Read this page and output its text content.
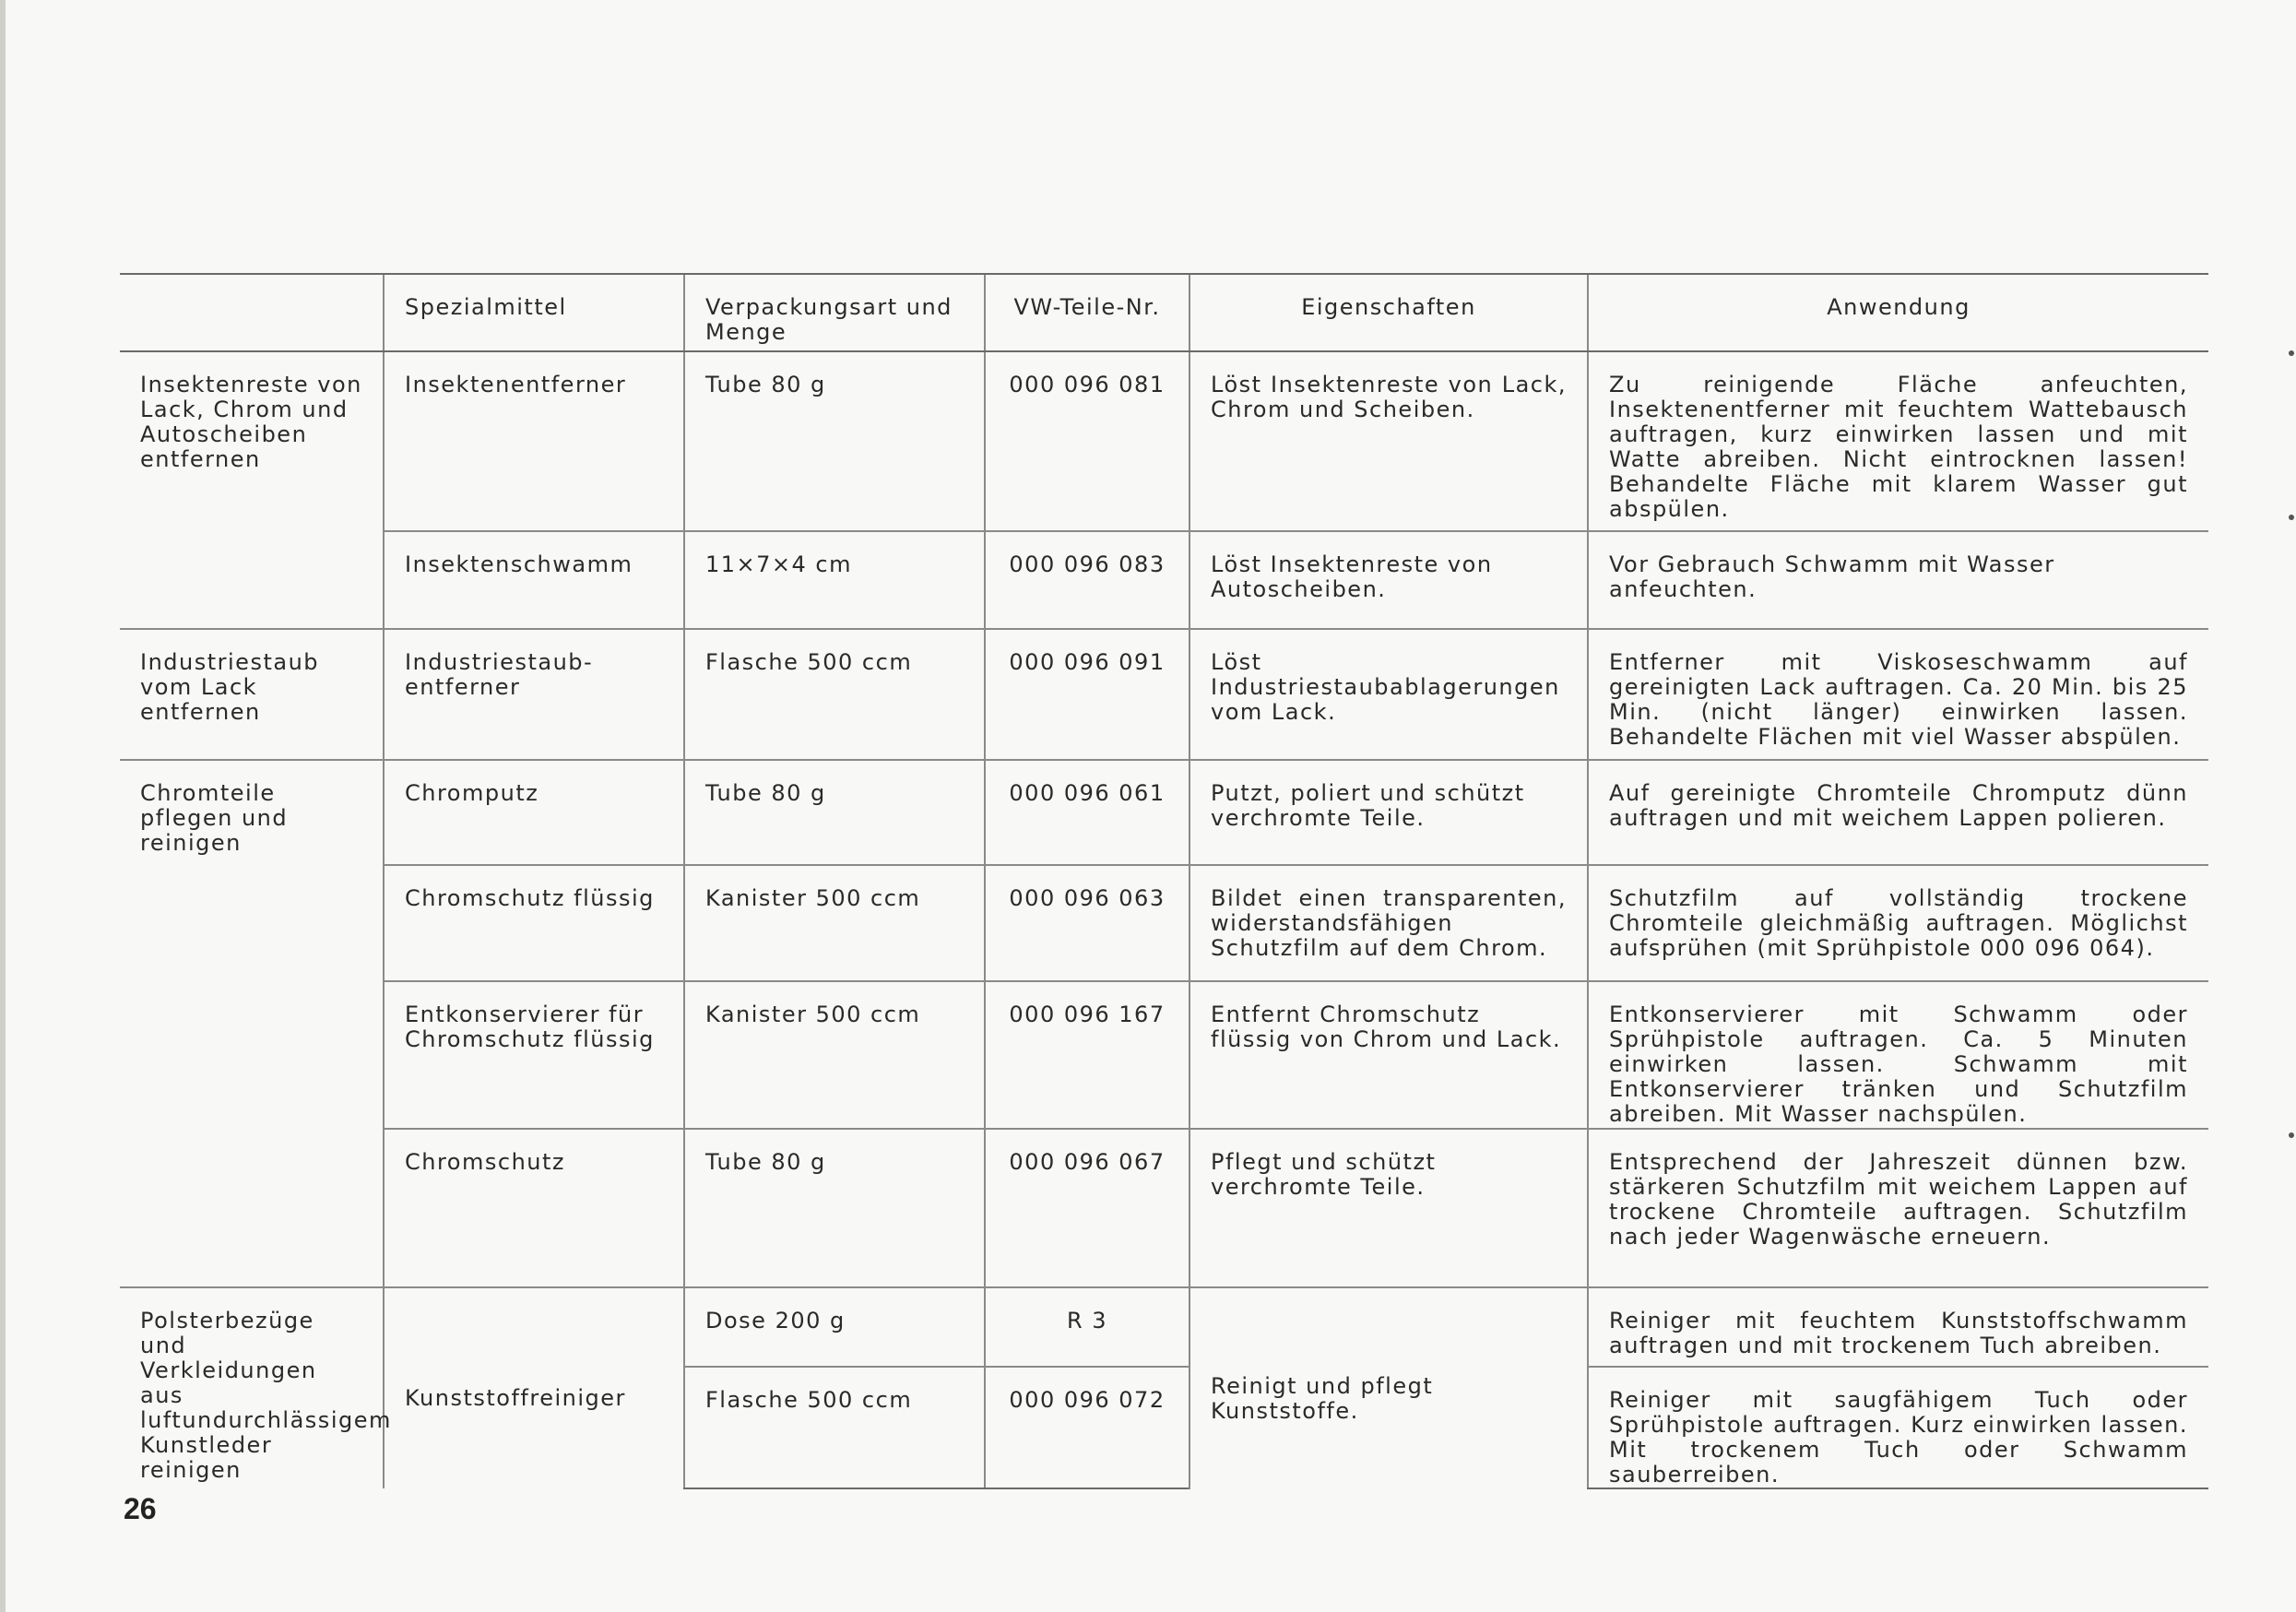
	Spezialmittel	Verpackungsart und Menge	VW-Teile-Nr.	Eigenschaften	Anwendung
Insektenreste von Lack, Chrom und Autoscheiben entfernen	Insektenentferner	Tube 80 g	000 096 081	Löst Insektenreste von Lack, Chrom und Scheiben.	Zu reinigende Fläche anfeuchten, Insektenentferner mit feuchtem Wattebausch auftragen, kurz einwirken lassen und mit Watte abreiben. Nicht eintrocknen lassen! Behandelte Fläche mit klarem Wasser gut abspülen.
	Insektenschwamm	11×7×4 cm	000 096 083	Löst Insektenreste von Autoscheiben.	Vor Gebrauch Schwamm mit Wasser anfeuchten.
Industriestaub vom Lack entfernen	Industriestaub-entferner	Flasche 500 ccm	000 096 091	Löst Industriestaubablagerungen vom Lack.	Entferner mit Viskoseschwamm auf gereinigten Lack auftragen. Ca. 20 Min. bis 25 Min. (nicht länger) einwirken lassen. Behandelte Flächen mit viel Wasser abspülen.
Chromteile pflegen und reinigen	Chromputz	Tube 80 g	000 096 061	Putzt, poliert und schützt verchromte Teile.	Auf gereinigte Chromteile Chromputz dünn auftragen und mit weichem Lappen polieren.
	Chromschutz flüssig	Kanister 500 ccm	000 096 063	Bildet einen transparenten, widerstandsfähigen Schutzfilm auf dem Chrom.	Schutzfilm auf vollständig trockene Chromteile gleichmäßig auftragen. Möglichst aufsprühen (mit Sprühpistole 000 096 064).
	Entkonservierer für Chromschutz flüssig	Kanister 500 ccm	000 096 167	Entfernt Chromschutz flüssig von Chrom und Lack.	Entkonservierer mit Schwamm oder Sprühpistole auftragen. Ca. 5 Minuten einwirken lassen. Schwamm mit Entkonservierer tränken und Schutzfilm abreiben. Mit Wasser nachspülen.
	Chromschutz	Tube 80 g	000 096 067	Pflegt und schützt verchromte Teile.	Entsprechend der Jahreszeit dünnen bzw. stärkeren Schutzfilm mit weichem Lappen auf trockene Chromteile auftragen. Schutzfilm nach jeder Wagenwäsche erneuern.
Polsterbezüge und Verkleidungen aus luftundurchlässigem Kunstleder reinigen	Kunststoffreiniger	Dose 200 g	R 3	Reinigt und pflegt Kunststoffe.	Reiniger mit feuchtem Kunststoffschwamm auftragen und mit trockenem Tuch abreiben.
		Flasche 500 ccm	000 096 072		Reiniger mit saugfähigem Tuch oder Sprühpistole auftragen. Kurz einwirken lassen. Mit trockenem Tuch oder Schwamm sauberreiben.
26
